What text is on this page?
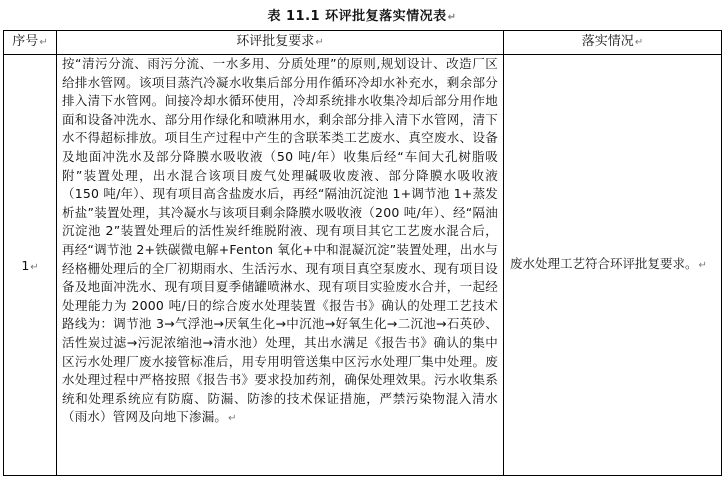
表 11.1 环评批复落实情况表↵
序号↵	环评批复要求↵	落实情况↵
1↵	按“清污分流、雨污分流、一水多用、分质处理”的原则,规划设计、改造厂区给排水管网。该项目蒸汽冷凝水收集后部分用作循环冷却水补充水，剩余部分排入清下水管网。间接冷却水循环使用，冷却系统排水收集冷却后部分用作地面和设备冲洗水、部分用作绿化和喷淋用水，剩余部分排入清下水管网，清下水不得超标排放。项目生产过程中产生的含联苯类工艺废水、真空废水、设备及地面冲洗水及部分降膜水吸收液（50 吨/年）收集后经“车间大孔树脂吸附”装置处理，出水混合该项目废气处理碱吸收废液、部分降膜水吸收液（150 吨/年）、现有项目高含盐废水后，再经“隔油沉淀池 1+调节池 1+蒸发析盐”装置处理，其冷凝水与该项目剩余降膜水吸收液（200 吨/年）、经“隔油沉淀池 2”装置处理后的活性炭纤维脱附液、现有项目其它工艺废水混合后，再经“调节池 2+铁碳微电解+Fenton 氧化+中和混凝沉淀”装置处理，出水与经格栅处理后的全厂初期雨水、生活污水、现有项目真空泵废水、现有项目设备及地面冲洗水、现有项目夏季储罐喷淋水、现有项目实验废水合并，一起经处理能力为 2000 吨/日的综合废水处理装置《报告书》确认的处理工艺技术路线为：调节池 3→气浮池→厌氧生化→中沉池→好氧生化→二沉池→石英砂、活性炭过滤→污泥浓缩池→清水池）处理，其出水满足《报告书》确认的集中区污水处理厂废水接管标准后，用专用明管送集中区污水处理厂集中处理。废水处理过程中严格按照《报告书》要求投加药剂，确保处理效果。污水收集系统和处理系统应有防腐、防漏、防渗的技术保证措施，严禁污染物混入清水（雨水）管网及向地下渗漏。↵	废水处理工艺符合环评批复要求。↵
